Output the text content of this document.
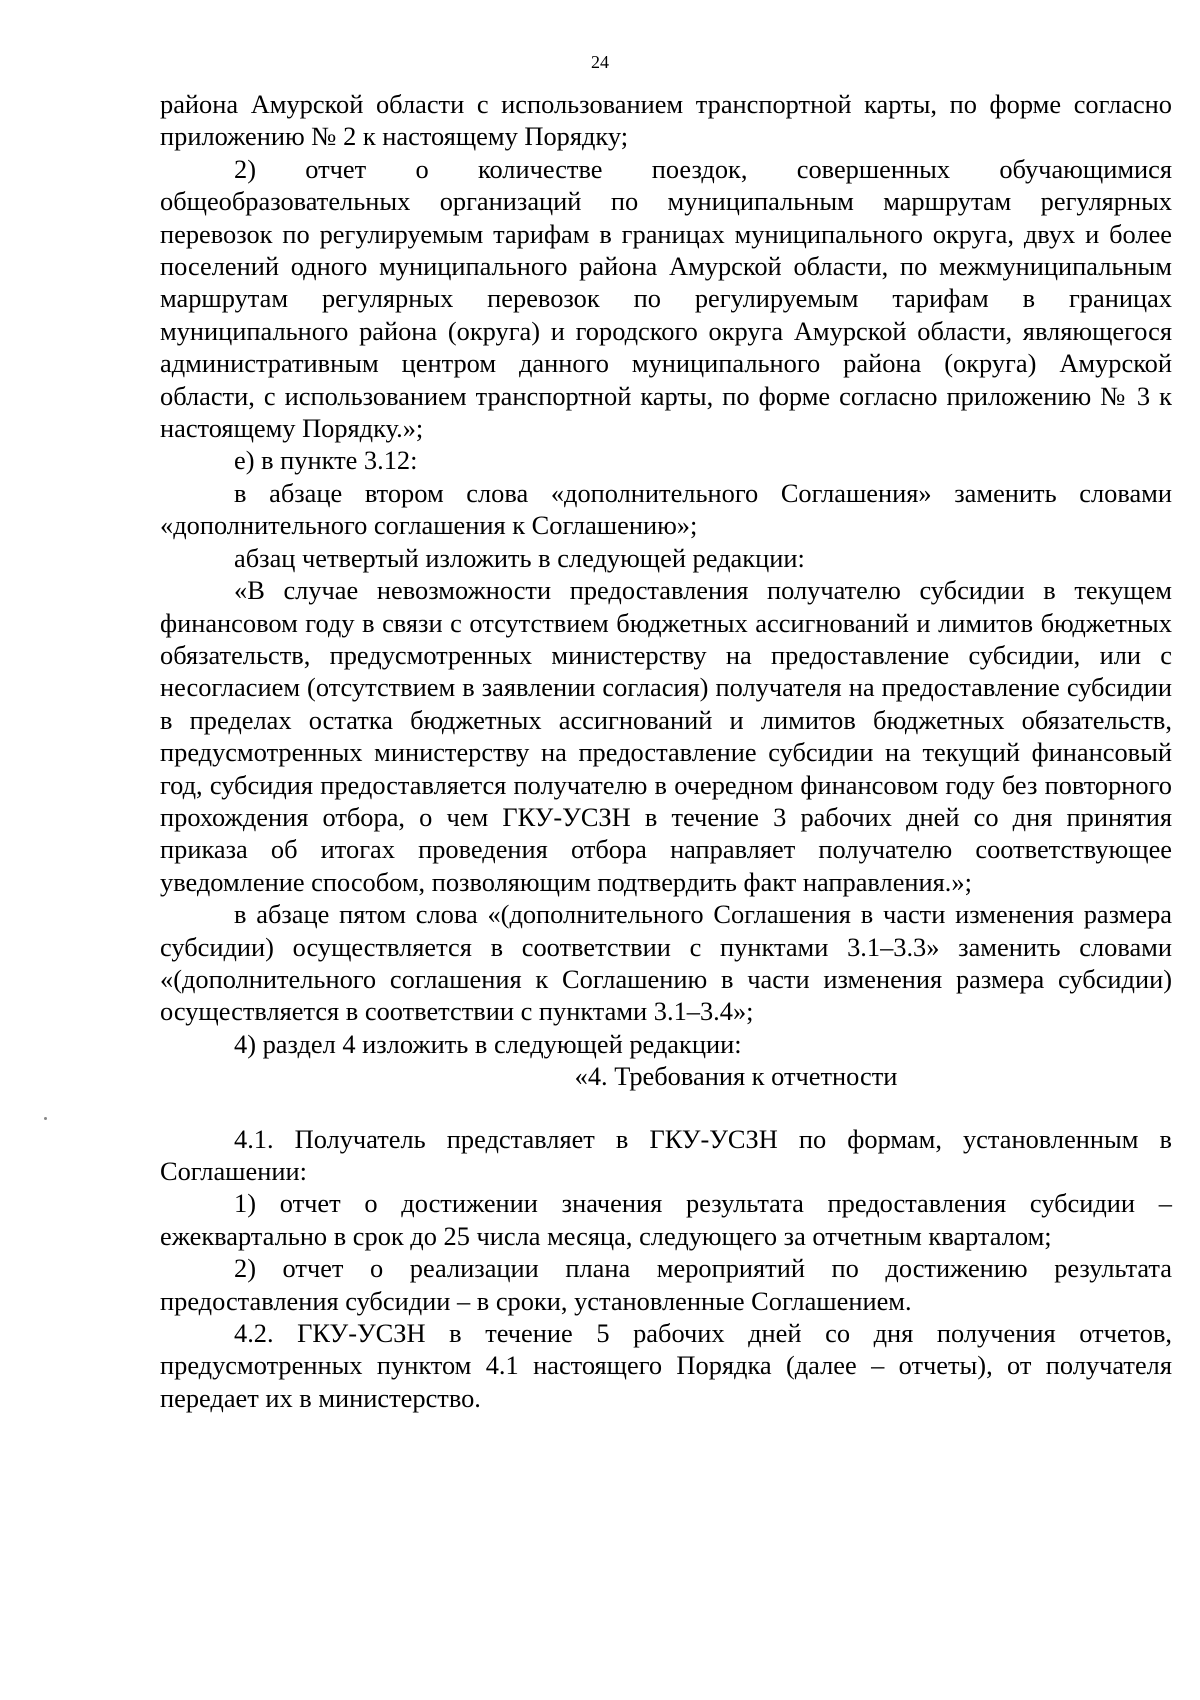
24

района Амурской области с использованием транспортной карты, по форме согласно приложению № 2 к настоящему Порядку;

2) отчет о количестве поездок, совершенных обучающимися общеобразовательных организаций по муниципальным маршрутам регулярных перевозок по регулируемым тарифам в границах муниципального округа, двух и более поселений одного муниципального района Амурской области, по межмуниципальным маршрутам регулярных перевозок по регулируемым тарифам в границах муниципального района (округа) и городского округа Амурской области, являющегося административным центром данного муниципального района (округа) Амурской области, с использованием транспортной карты, по форме согласно приложению № 3 к настоящему Порядку.»;

е) в пункте 3.12:

в абзаце втором слова «дополнительного Соглашения» заменить словами «дополнительного соглашения к Соглашению»;

абзац четвертый изложить в следующей редакции:

«В случае невозможности предоставления получателю субсидии в текущем финансовом году в связи с отсутствием бюджетных ассигнований и лимитов бюджетных обязательств, предусмотренных министерству на предоставление субсидии, или с несогласием (отсутствием в заявлении согласия) получателя на предоставление субсидии в пределах остатка бюджетных ассигнований и лимитов бюджетных обязательств, предусмотренных министерству на предоставление субсидии на текущий финансовый год, субсидия предоставляется получателю в очередном финансовом году без повторного прохождения отбора, о чем ГКУ-УСЗН в течение 3 рабочих дней со дня принятия приказа об итогах проведения отбора направляет получателю соответствующее уведомление способом, позволяющим подтвердить факт направления.»;

в абзаце пятом слова «(дополнительного Соглашения в части изменения размера субсидии) осуществляется в соответствии с пунктами 3.1–3.3» заменить словами «(дополнительного соглашения к Соглашению в части изменения размера субсидии) осуществляется в соответствии с пунктами 3.1–3.4»;

4) раздел 4 изложить в следующей редакции:

«4. Требования к отчетности

4.1. Получатель представляет в ГКУ-УСЗН по формам, установленным в Соглашении:

1) отчет о достижении значения результата предоставления субсидии – ежеквартально в срок до 25 числа месяца, следующего за отчетным кварталом;

2) отчет о реализации плана мероприятий по достижению результата предоставления субсидии – в сроки, установленные Соглашением.

4.2. ГКУ-УСЗН в течение 5 рабочих дней со дня получения отчетов, предусмотренных пунктом 4.1 настоящего Порядка (далее – отчеты), от получателя передает их в министерство.
